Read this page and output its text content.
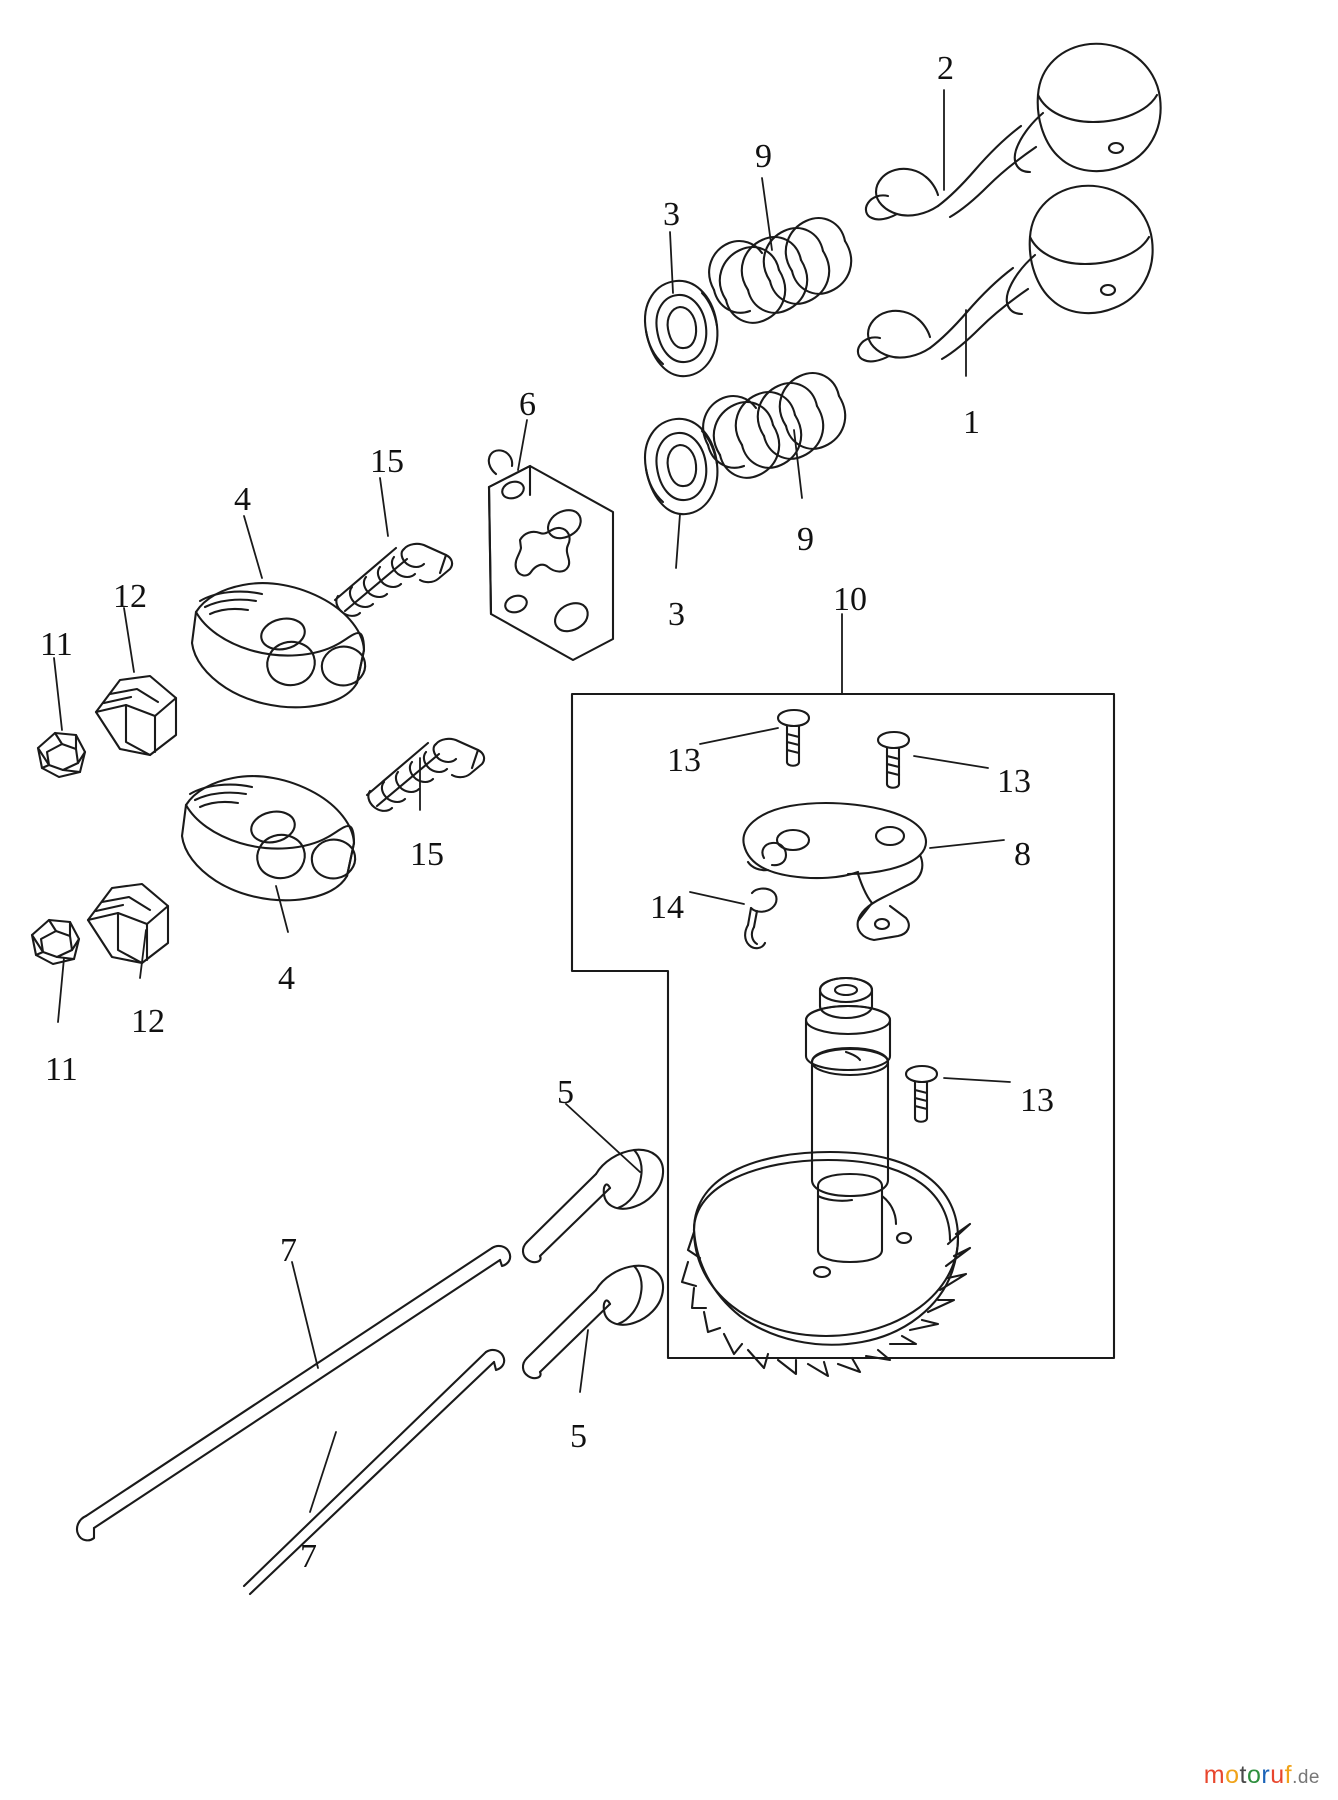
2
9
3
1
9
6
15
4
3	10
12
11
13
13
8
14
15
4
12
11
13
5
7
5
7
motoruf.de
